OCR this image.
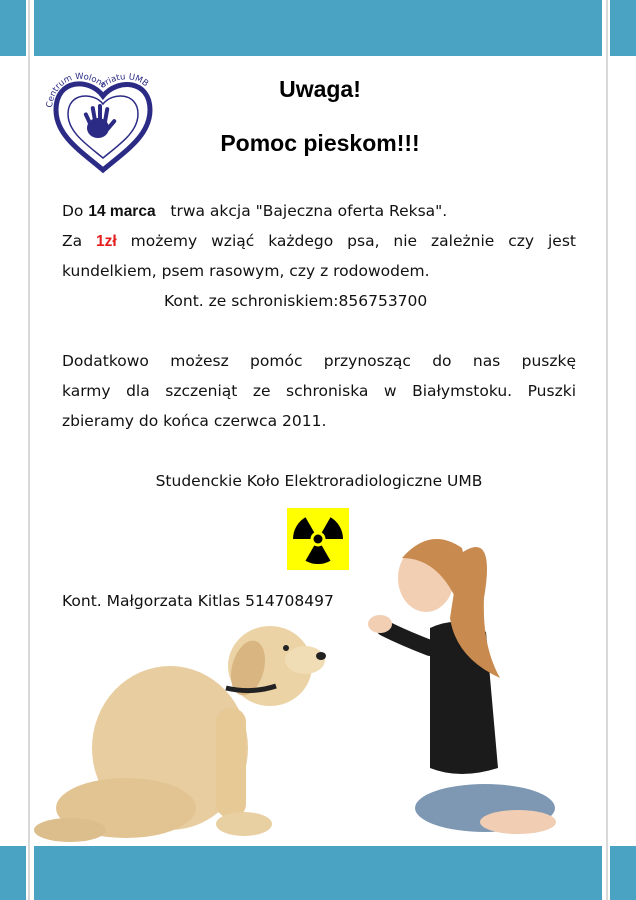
Centrum Wolontariatu UMB	Uwaga!
Pomoc pieskom!!!
Do 14 marca trwa akcja "Bajeczna oferta Reksa".
Za 1zł możemy wziąć każdego psa, nie zależnie czy jest
kundelkiem, psem rasowym, czy z rodowodem.
Kont. ze schroniskiem:856753700
Dodatkowo możesz pomóc przynosząc do nas puszkę
karmy dla szczeniąt ze schroniska w Białymstoku. Puszki
zbieramy do końca czerwca 2011.
Studenckie Koło Elektroradiologiczne UMB
Kont. Małgorzata Kitlas 514708497
